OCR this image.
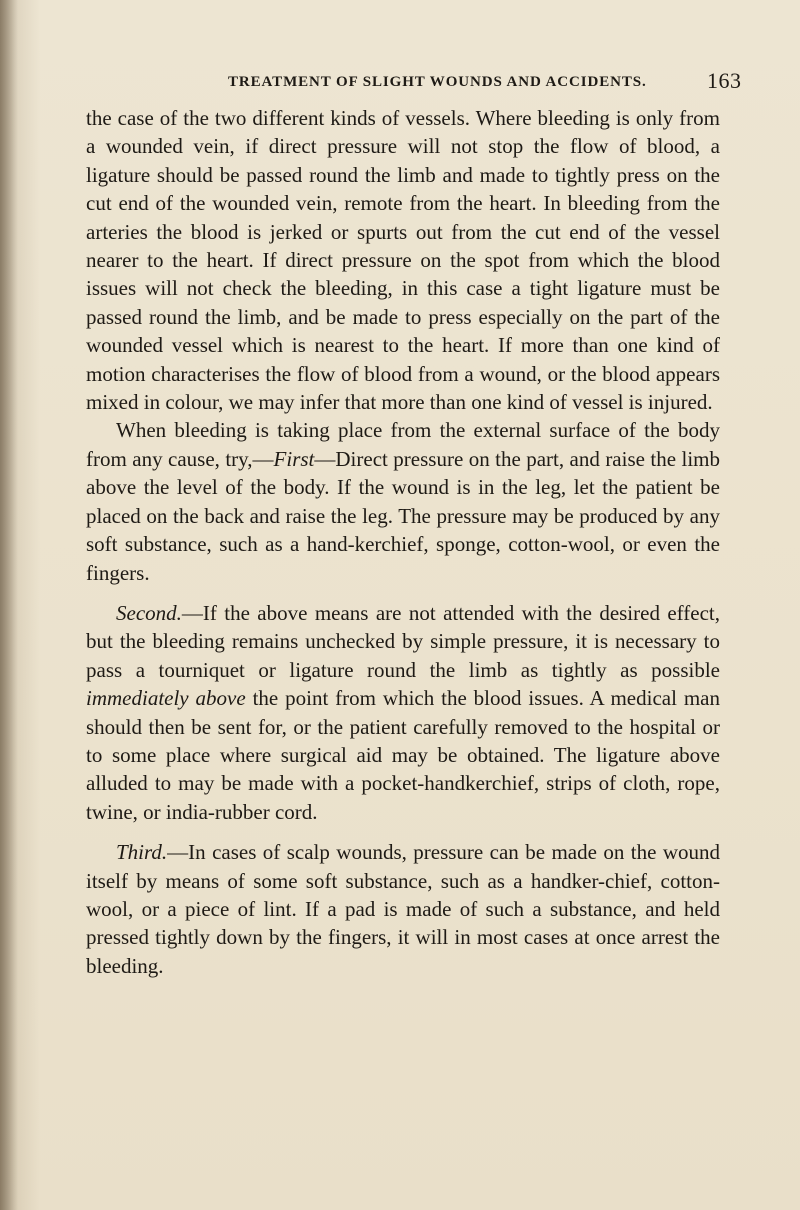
TREATMENT OF SLIGHT WOUNDS AND ACCIDENTS.	163

the case of the two different kinds of vessels. Where bleeding is only from a wounded vein, if direct pressure will not stop the flow of blood, a ligature should be passed round the limb and made to tightly press on the cut end of the wounded vein, remote from the heart. In bleeding from the arteries the blood is jerked or spurts out from the cut end of the vessel nearer to the heart. If direct pressure on the spot from which the blood issues will not check the bleeding, in this case a tight ligature must be passed round the limb, and be made to press especially on the part of the wounded vessel which is nearest to the heart. If more than one kind of motion characterises the flow of blood from a wound, or the blood appears mixed in colour, we may infer that more than one kind of vessel is injured.

When bleeding is taking place from the external surface of the body from any cause, try,—First—Direct pressure on the part, and raise the limb above the level of the body. If the wound is in the leg, let the patient be placed on the back and raise the leg. The pressure may be produced by any soft substance, such as a hand-kerchief, sponge, cotton-wool, or even the fingers.

Second.—If the above means are not attended with the desired effect, but the bleeding remains unchecked by simple pressure, it is necessary to pass a tourniquet or ligature round the limb as tightly as possible immediately above the point from which the blood issues. A medical man should then be sent for, or the patient carefully removed to the hospital or to some place where surgical aid may be obtained. The ligature above alluded to may be made with a pocket-handkerchief, strips of cloth, rope, twine, or india-rubber cord.

Third.—In cases of scalp wounds, pressure can be made on the wound itself by means of some soft substance, such as a handker-chief, cotton-wool, or a piece of lint. If a pad is made of such a substance, and held pressed tightly down by the fingers, it will in most cases at once arrest the bleeding.
